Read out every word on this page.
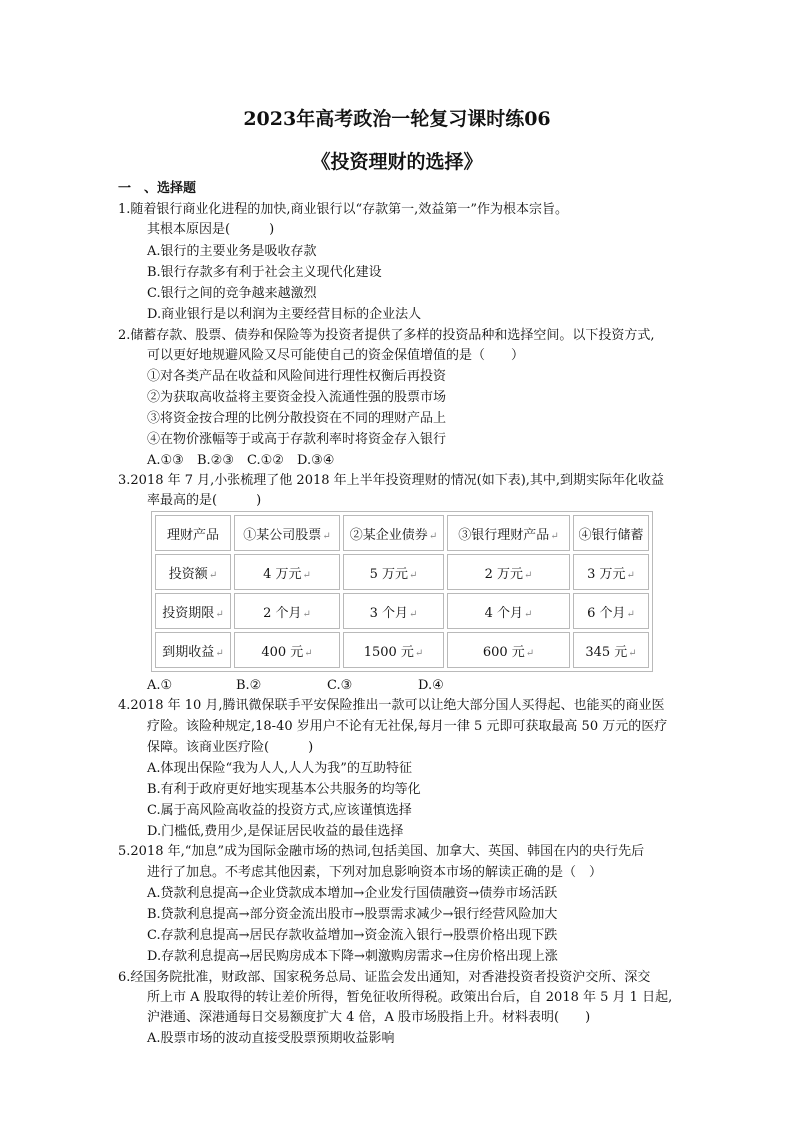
2023年高考政治一轮复习课时练06
《投资理财的选择》
一　、选择题
1.随着银行商业化进程的加快,商业银行以“存款第一,效益第一”作为根本宗旨。
其根本原因是(　　　)
A.银行的主要业务是吸收存款
B.银行存款多有利于社会主义现代化建设
C.银行之间的竞争越来越激烈
D.商业银行是以利润为主要经营目标的企业法人
2.储蓄存款、股票、债券和保险等为投资者提供了多样的投资品种和选择空间。以下投资方式,
可以更好地规避风险又尽可能使自己的资金保值增值的是（　　）
①对各类产品在收益和风险间进行理性权衡后再投资
②为获取高收益将主要资金投入流通性强的股票市场
③将资金按合理的比例分散投资在不同的理财产品上
④在物价涨幅等于或高于存款利率时将资金存入银行
A.①③ B.②③ C.①② D.③④
3.2018 年 7 月,小张梳理了他 2018 年上半年投资理财的情况(如下表),其中,到期实际年化收益
率最高的是(　　　)
理财产品	①某公司股票↵	②某企业债券↵	③银行理财产品↵	④银行储蓄
投资额↵	4 万元↵	5 万元↵	2 万元↵	3 万元↵
投资期限↵	2 个月↵	3 个月↵	4 个月↵	6 个月↵
到期收益↵	400 元↵	1500 元↵	600 元↵	345 元↵
A.①	B.②	C.③	D.④
4.2018 年 10 月,腾讯微保联手平安保险推出一款可以让绝大部分国人买得起、也能买的商业医
疗险。该险种规定,18-40 岁用户不论有无社保,每月一律 5 元即可获取最高 50 万元的医疗
保障。该商业医疗险(　　　)
A.体现出保险“我为人人,人人为我”的互助特征
B.有利于政府更好地实现基本公共服务的均等化
C.属于高风险高收益的投资方式,应该谨慎选择
D.门槛低,费用少,是保证居民收益的最佳选择
5.2018 年,“加息”成为国际金融市场的热词,包括美国、加拿大、英国、韩国在内的央行先后
进行了加息。不考虑其他因素，下列对加息影响资本市场的解读正确的是（　）
A.贷款利息提高→企业贷款成本增加→企业发行国债融资→债券市场活跃
B.贷款利息提高→部分资金流出股市→股票需求减少→银行经营风险加大
C.存款利息提高→居民存款收益增加→资金流入银行→股票价格出现下跌
D.存款利息提高→居民购房成本下降→刺激购房需求→住房价格出现上涨
6.经国务院批准，财政部、国家税务总局、证监会发出通知，对香港投资者投资沪交所、深交
所上市 A 股取得的转让差价所得，暂免征收所得税。政策出台后，自 2018 年 5 月 1 日起,
沪港通、深港通每日交易额度扩大 4 倍，A 股市场股指上升。材料表明(　　)
A.股票市场的波动直接受股票预期收益影响
